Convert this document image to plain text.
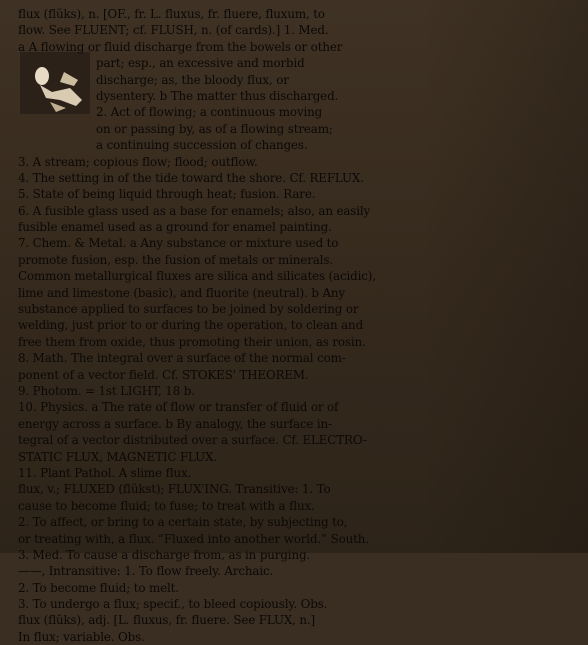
flux (flŭks), n. [OF., fr. L. fluxus, fr. fluere, fluxum, to
flow. See FLUENT; cf. FLUSH, n. (of cards).] 1. Med.
a A flowing or fluid discharge from the bowels or other
part; esp., an excessive and morbid
discharge; as, the bloody flux, or
dysentery. b The matter thus discharged.
2. Act of flowing; a continuous moving
on or passing by, as of a flowing stream;
a continuing succession of changes.
3. A stream; copious flow; flood; outflow.
4. The setting in of the tide toward the shore. Cf. REFLUX.
5. State of being liquid through heat; fusion. Rare.
6. A fusible glass used as a base for enamels; also, an easily
fusible enamel used as a ground for enamel painting.
7. Chem. & Metal. a Any substance or mixture used to
promote fusion, esp. the fusion of metals or minerals.
Common metallurgical fluxes are silica and silicates (acidic),
lime and limestone (basic), and fluorite (neutral). b Any
substance applied to surfaces to be joined by soldering or
welding, just prior to or during the operation, to clean and
free them from oxide, thus promoting their union, as rosin.
8. Math. The integral over a surface of the normal com-
ponent of a vector field. Cf. STOKES' THEOREM.
9. Photom. = 1st LIGHT, 18 b.
10. Physics. a The rate of flow or transfer of fluid or of
energy across a surface. b By analogy, the surface in-
tegral of a vector distributed over a surface. Cf. ELECTRO-
STATIC FLUX, MAGNETIC FLUX.
11. Plant Pathol. A slime flux.
flux, v.; FLUXED (flŭkst); FLUX'ING. Transitive: 1. To
cause to become fluid; to fuse; to treat with a flux.
2. To affect, or bring to a certain state, by subjecting to,
or treating with, a flux. “Fluxed into another world.” South.
3. Med. To cause a discharge from, as in purging.
——, Intransitive: 1. To flow freely. Archaic.
2. To become fluid; to melt.
3. To undergo a flux; specif., to bleed copiously. Obs.
flux (flŭks), adj. [L. fluxus, fr. fluere. See FLUX, n.]
In flux; variable. Obs.
